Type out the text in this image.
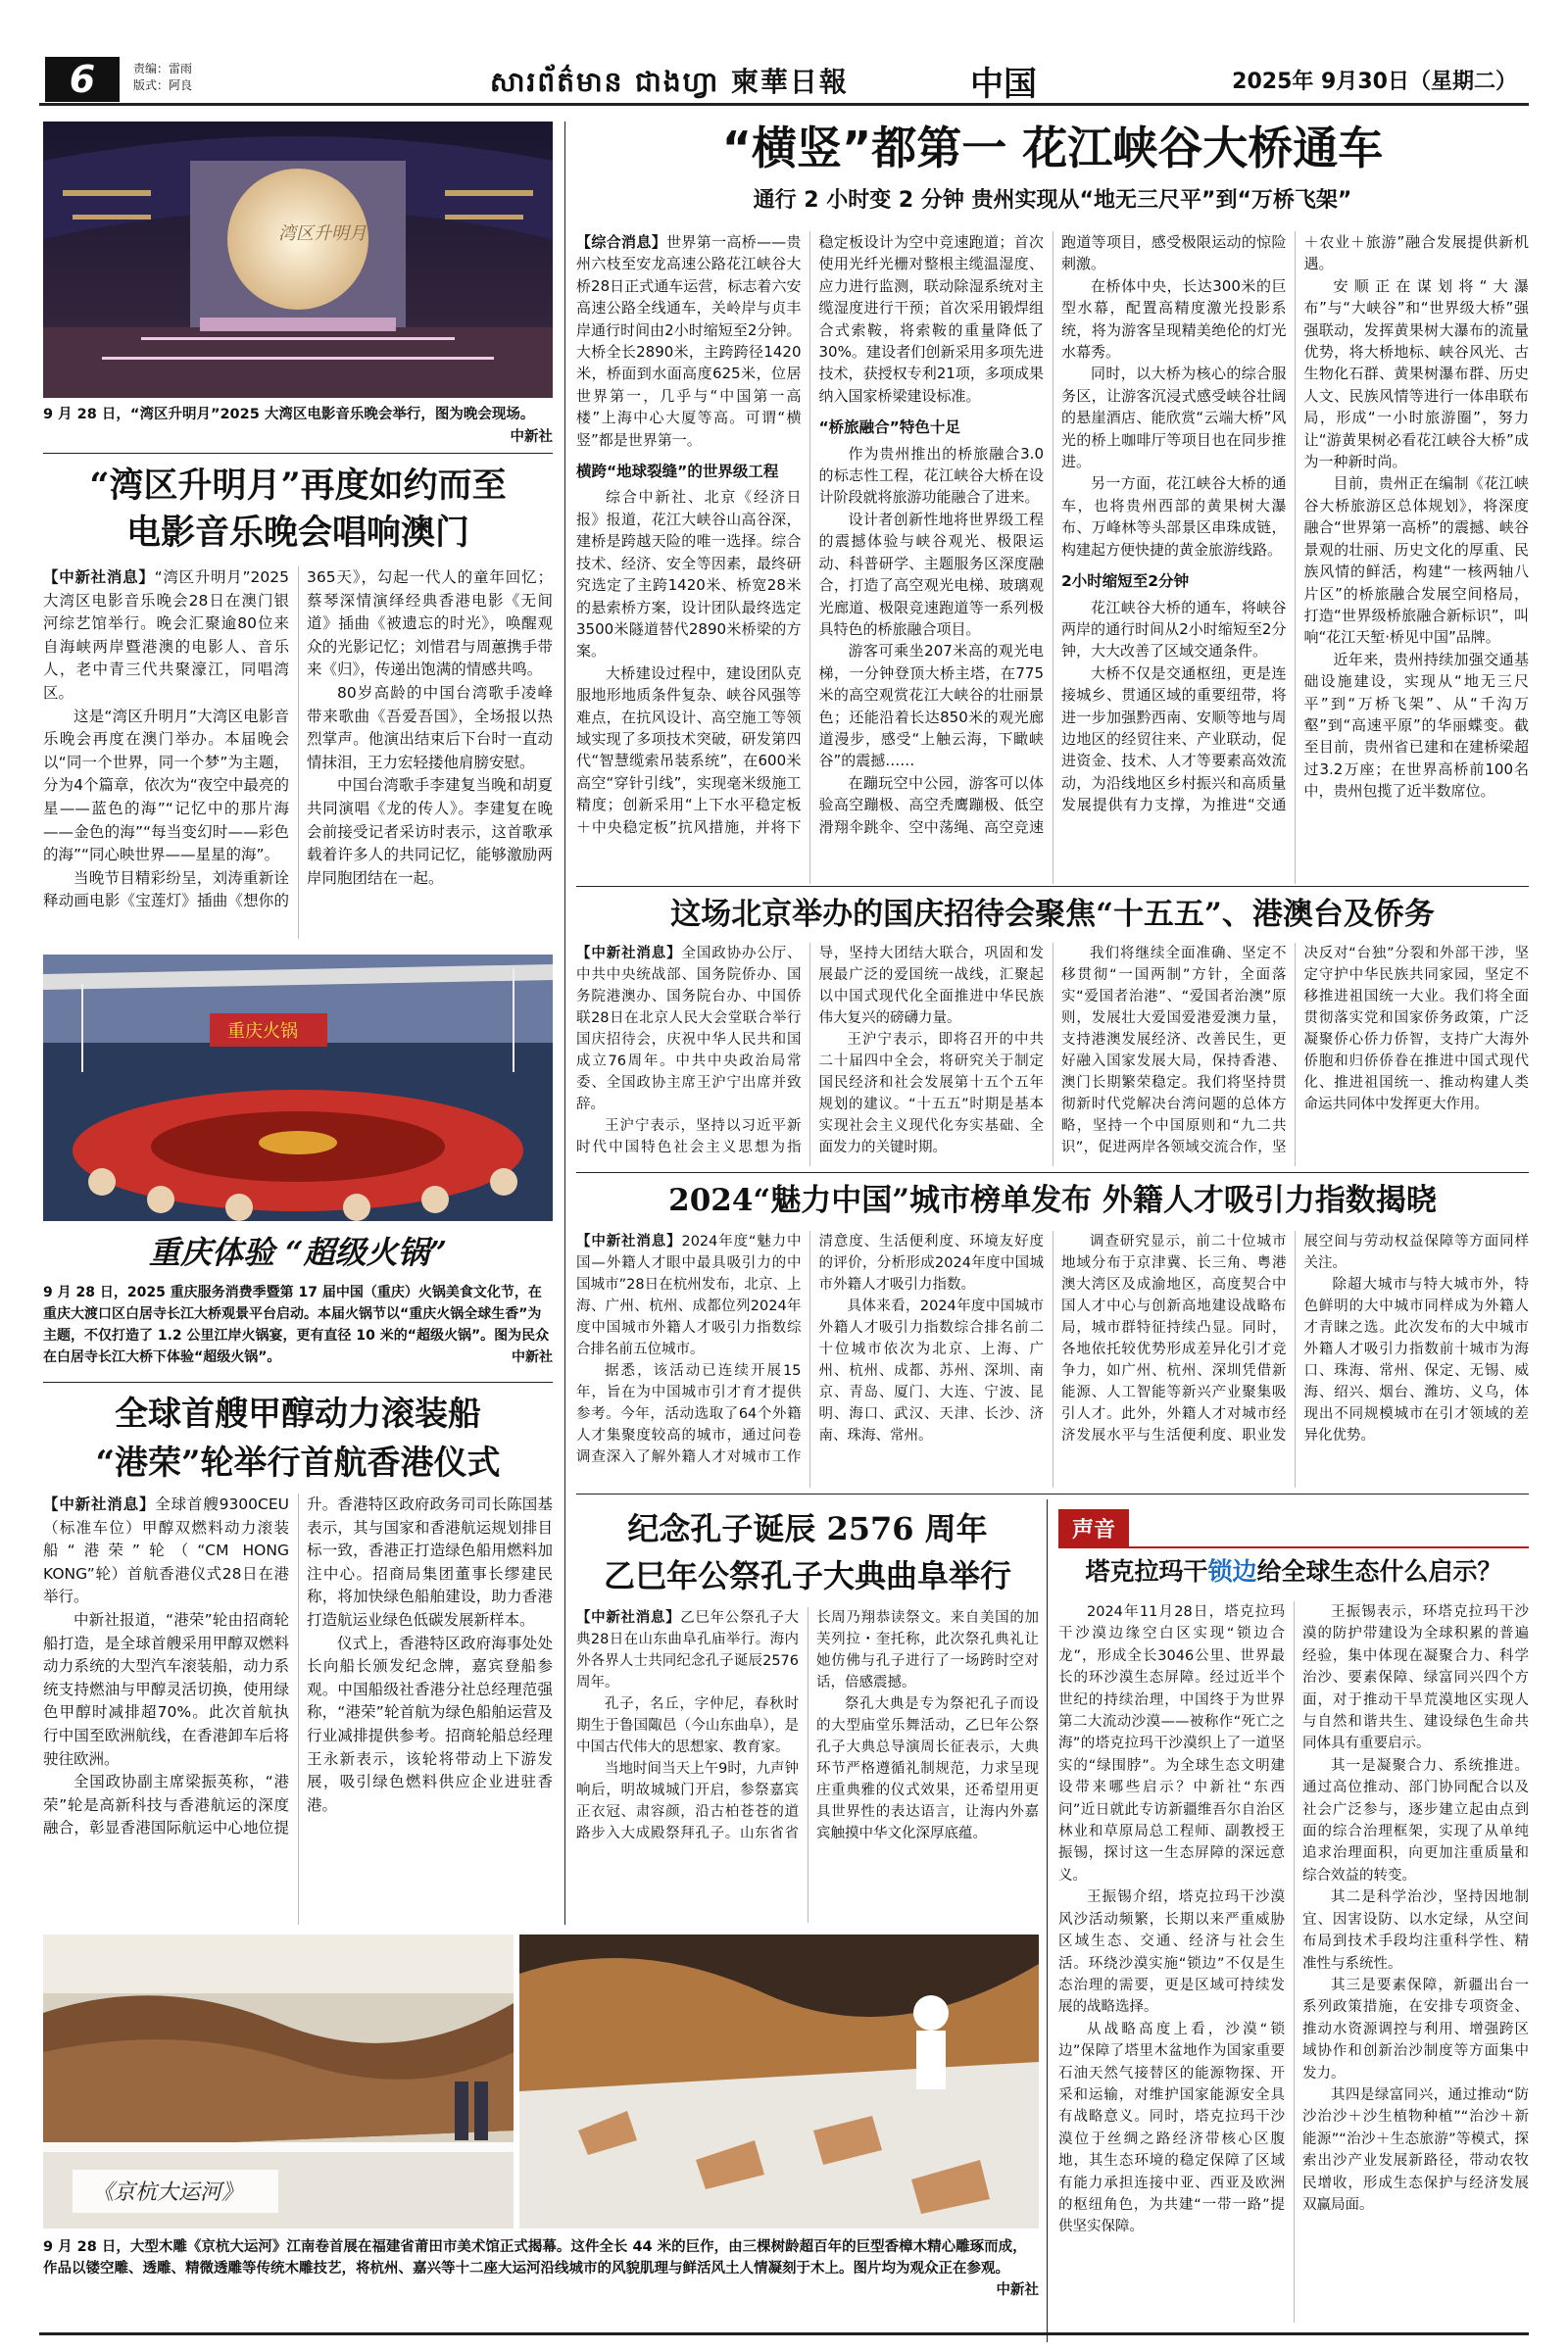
6	责编：雷雨
版式：阿良	សារព័ត៌មាន ជាងហ្វា 柬華日報	中国	2025年 9月30日（星期二）
湾区升明月
9 月 28 日，“湾区升明月”2025 大湾区电影音乐晚会举行，图为晚会现场。
中新社
“湾区升明月”再度如约而至
电影音乐晚会唱响澳门

【中新社消息】“湾区升明月”2025大湾区电影音乐晚会28日在澳门银河综艺馆举行。晚会汇聚逾80位来自海峡两岸暨港澳的电影人、音乐人，老中青三代共聚濠江，同唱湾区。

这是“湾区升明月”大湾区电影音乐晚会再度在澳门举办。本届晚会以“同一个世界，同一个梦”为主题，分为4个篇章，依次为“夜空中最亮的星——蓝色的海”“记忆中的那片海——金色的海”“每当变幻时——彩色的海”“同心映世界——星星的海”。

当晚节目精彩纷呈，刘涛重新诠释动画电影《宝莲灯》插曲《想你的365天》，勾起一代人的童年回忆；蔡琴深情演绎经典香港电影《无间道》插曲《被遗忘的时光》，唤醒观众的光影记忆；刘惜君与周蕙携手带来《归》，传递出饱满的情感共鸣。

80岁高龄的中国台湾歌手凌峰带来歌曲《吾爱吾国》，全场报以热烈掌声。他演出结束后下台时一直动情抹泪，王力宏轻搂他肩膀安慰。

中国台湾歌手李建复当晚和胡夏共同演唱《龙的传人》。李建复在晚会前接受记者采访时表示，这首歌承载着许多人的共同记忆，能够激励两岸同胞团结在一起。

重庆火锅
重庆体验 “超级火锅”
9 月 28 日，2025 重庆服务消费季暨第 17 届中国（重庆）火锅美食文化节，在重庆大渡口区白居寺长江大桥观景平台启动。本届火锅节以“重庆火锅全球生香”为主题，不仅打造了 1.2 公里江岸火锅宴，更有直径 10 米的“超级火锅”。图为民众在白居寺长江大桥下体验“超级火锅”。	中新社
全球首艘甲醇动力滚装船
“港荣”轮举行首航香港仪式

【中新社消息】全球首艘9300CEU（标准车位）甲醇双燃料动力滚装船“港荣”轮（“CM HONG KONG”轮）首航香港仪式28日在港举行。

中新社报道，“港荣”轮由招商轮船打造，是全球首艘采用甲醇双燃料动力系统的大型汽车滚装船，动力系统支持燃油与甲醇灵活切换，使用绿色甲醇时减排超70%。此次首航执行中国至欧洲航线，在香港卸车后将驶往欧洲。

全国政协副主席梁振英称，“港荣”轮是高新科技与香港航运的深度融合，彰显香港国际航运中心地位提升。香港特区政府政务司司长陈国基表示，其与国家和香港航运规划排目标一致，香港正打造绿色船用燃料加注中心。招商局集团董事长缪建民称，将加快绿色船舶建设，助力香港打造航运业绿色低碳发展新样本。

仪式上，香港特区政府海事处处长向船长颁发纪念牌，嘉宾登船参观。中国船级社香港分社总经理范强称，“港荣”轮首航为绿色船舶运营及行业减排提供参考。招商轮船总经理王永新表示，该轮将带动上下游发展，吸引绿色燃料供应企业进驻香港。

“横竖”都第一 花江峡谷大桥通车
通行 2 小时变 2 分钟 贵州实现从“地无三尺平”到“万桥飞架”

【综合消息】世界第一高桥——贵州六枝至安龙高速公路花江峡谷大桥28日正式通车运营，标志着六安高速公路全线通车，关岭岸与贞丰岸通行时间由2小时缩短至2分钟。大桥全长2890米，主跨跨径1420米，桥面到水面高度625米，位居世界第一，几乎与“中国第一高楼”上海中心大厦等高。可谓“横竖”都是世界第一。

横跨“地球裂缝”的世界级工程

综合中新社、北京《经济日报》报道，花江大峡谷山高谷深，建桥是跨越天险的唯一选择。综合技术、经济、安全等因素，最终研究选定了主跨1420米、桥宽28米的悬索桥方案，设计团队最终选定3500米隧道替代2890米桥梁的方案。

大桥建设过程中，建设团队克服地形地质条件复杂、峡谷风强等难点，在抗风设计、高空施工等领域实现了多项技术突破，研发第四代“智慧缆索吊装系统”，在600米高空“穿针引线”，实现毫米级施工精度；创新采用“上下水平稳定板＋中央稳定板”抗风措施，并将下稳定板设计为空中竞速跑道；首次使用光纤光栅对整根主缆温湿度、应力进行监测，联动除湿系统对主缆湿度进行干预；首次采用锻焊组合式索鞍，将索鞍的重量降低了30%。建设者们创新采用多项先进技术，获授权专利21项，多项成果纳入国家桥梁建设标准。

“桥旅融合”特色十足

作为贵州推出的桥旅融合3.0的标志性工程，花江峡谷大桥在设计阶段就将旅游功能融合了进来。

设计者创新性地将世界级工程的震撼体验与峡谷观光、极限运动、科普研学、主题服务区深度融合，打造了高空观光电梯、玻璃观光廊道、极限竞速跑道等一系列极具特色的桥旅融合项目。

游客可乘坐207米高的观光电梯，一分钟登顶大桥主塔，在775米的高空观赏花江大峡谷的壮丽景色；还能沿着长达850米的观光廊道漫步，感受“上触云海，下瞰峡谷”的震撼……

在蹦玩空中公园，游客可以体验高空蹦极、高空秃鹰蹦极、低空滑翔伞跳伞、空中荡绳、高空竞速跑道等项目，感受极限运动的惊险刺激。

在桥体中央，长达300米的巨型水幕，配置高精度激光投影系统，将为游客呈现精美绝伦的灯光水幕秀。

同时，以大桥为核心的综合服务区，让游客沉浸式感受峡谷壮阔的悬崖酒店、能欣赏“云端大桥”风光的桥上咖啡厅等项目也在同步推进。

另一方面，花江峡谷大桥的通车，也将贵州西部的黄果树大瀑布、万峰林等头部景区串珠成链，构建起方便快捷的黄金旅游线路。

2小时缩短至2分钟

花江峡谷大桥的通车，将峡谷两岸的通行时间从2小时缩短至2分钟，大大改善了区域交通条件。

大桥不仅是交通枢纽，更是连接城乡、贯通区域的重要纽带，将进一步加强黔西南、安顺等地与周边地区的经贸往来、产业联动，促进资金、技术、人才等要素高效流动，为沿线地区乡村振兴和高质量发展提供有力支撑，为推进“交通＋农业＋旅游”融合发展提供新机遇。

安顺正在谋划将“大瀑布”与“大峡谷”和“世界级大桥”强强联动，发挥黄果树大瀑布的流量优势，将大桥地标、峡谷风光、古生物化石群、黄果树瀑布群、历史人文、民族风情等进行一体串联布局，形成“一小时旅游圈”，努力让“游黄果树必看花江峡谷大桥”成为一种新时尚。

目前，贵州正在编制《花江峡谷大桥旅游区总体规划》，将深度融合“世界第一高桥”的震撼、峡谷景观的壮丽、历史文化的厚重、民族风情的鲜活，构建“一核两轴八片区”的桥旅融合发展空间格局，打造“世界级桥旅融合新标识”，叫响“花江天堑·桥见中国”品牌。

近年来，贵州持续加强交通基础设施建设，实现从“地无三尺平”到“万桥飞架”、从“千沟万壑”到“高速平原”的华丽蝶变。截至目前，贵州省已建和在建桥梁超过3.2万座；在世界高桥前100名中，贵州包揽了近半数席位。

这场北京举办的国庆招待会聚焦“十五五”、港澳台及侨务

【中新社消息】全国政协办公厅、中共中央统战部、国务院侨办、国务院港澳办、国务院台办、中国侨联28日在北京人民大会堂联合举行国庆招待会，庆祝中华人民共和国成立76周年。中共中央政治局常委、全国政协主席王沪宁出席并致辞。

王沪宁表示，坚持以习近平新时代中国特色社会主义思想为指导，坚持大团结大联合，巩固和发展最广泛的爱国统一战线，汇聚起以中国式现代化全面推进中华民族伟大复兴的磅礴力量。

王沪宁表示，即将召开的中共二十届四中全会，将研究关于制定国民经济和社会发展第十五个五年规划的建议。“十五五”时期是基本实现社会主义现代化夯实基础、全面发力的关键时期。

我们将继续全面准确、坚定不移贯彻“一国两制”方针，全面落实“爱国者治港”、“爱国者治澳”原则，发展壮大爱国爱港爱澳力量，支持港澳发展经济、改善民生，更好融入国家发展大局，保持香港、澳门长期繁荣稳定。我们将坚持贯彻新时代党解决台湾问题的总体方略，坚持一个中国原则和“九二共识”，促进两岸各领域交流合作，坚决反对“台独”分裂和外部干涉，坚定守护中华民族共同家园，坚定不移推进祖国统一大业。我们将全面贯彻落实党和国家侨务政策，广泛凝聚侨心侨力侨智，支持广大海外侨胞和归侨侨眷在推进中国式现代化、推进祖国统一、推动构建人类命运共同体中发挥更大作用。

2024“魅力中国”城市榜单发布 外籍人才吸引力指数揭晓

【中新社消息】2024年度“魅力中国—外籍人才眼中最具吸引力的中国城市”28日在杭州发布，北京、上海、广州、杭州、成都位列2024年度中国城市外籍人才吸引力指数综合排名前五位城市。

据悉，该活动已连续开展15年，旨在为中国城市引才育才提供参考。今年，活动选取了64个外籍人才集聚度较高的城市，通过问卷调查深入了解外籍人才对城市工作清意度、生活便利度、环境友好度的评价，分析形成2024年度中国城市外籍人才吸引力指数。

具体来看，2024年度中国城市外籍人才吸引力指数综合排名前二十位城市依次为北京、上海、广州、杭州、成都、苏州、深圳、南京、青岛、厦门、大连、宁波、昆明、海口、武汉、天津、长沙、济南、珠海、常州。

调查研究显示，前二十位城市地域分布于京津冀、长三角、粤港澳大湾区及成渝地区，高度契合中国人才中心与创新高地建设战略布局，城市群特征持续凸显。同时，各地依托较优势形成差异化引才竞争力，如广州、杭州、深圳凭借新能源、人工智能等新兴产业聚集吸引人才。此外，外籍人才对城市经济发展水平与生活便利度、职业发展空间与劳动权益保障等方面同样关注。

除超大城市与特大城市外，特色鲜明的大中城市同样成为外籍人才青睐之选。此次发布的大中城市外籍人才吸引力指数前十城市为海口、珠海、常州、保定、无锡、威海、绍兴、烟台、潍坊、义乌，体现出不同规模城市在引才领域的差异化优势。

纪念孔子诞辰 2576 周年
乙巳年公祭孔子大典曲阜举行

【中新社消息】乙巳年公祭孔子大典28日在山东曲阜孔庙举行。海内外各界人士共同纪念孔子诞辰2576周年。

孔子，名丘，字仲尼，春秋时期生于鲁国陬邑（今山东曲阜），是中国古代伟大的思想家、教育家。

当地时间当天上午9时，九声钟响后，明故城城门开启，参祭嘉宾正衣冠、肃容颜，沿古柏苍苍的道路步入大成殿祭拜孔子。山东省省长周乃翔恭读祭文。来自美国的加芙列拉・奎托称，此次祭孔典礼让她仿佛与孔子进行了一场跨时空对话，倍感震撼。

祭孔大典是专为祭祀孔子而设的大型庙堂乐舞活动，乙巳年公祭孔子大典总导演周长征表示，大典环节严格遵循礼制规范，力求呈现庄重典雅的仪式效果，还希望用更具世界性的表达语言，让海内外嘉宾触摸中华文化深厚底蕴。

声音
塔克拉玛干锁边给全球生态什么启示？

2024年11月28日，塔克拉玛干沙漠边缘空白区实现“锁边合龙”，形成全长3046公里、世界最长的环沙漠生态屏障。经过近半个世纪的持续治理，中国终于为世界第二大流动沙漠——被称作“死亡之海”的塔克拉玛干沙漠织上了一道坚实的“绿围脖”。为全球生态文明建设带来哪些启示？中新社“东西问”近日就此专访新疆维吾尔自治区林业和草原局总工程师、副教授王振锡，探讨这一生态屏障的深远意义。

王振锡介绍，塔克拉玛干沙漠风沙活动频繁，长期以来严重威胁区域生态、交通、经济与社会生活。环绕沙漠实施“锁边”不仅是生态治理的需要，更是区域可持续发展的战略选择。

从战略高度上看，沙漠“锁边”保障了塔里木盆地作为国家重要石油天然气接替区的能源物探、开采和运输，对维护国家能源安全具有战略意义。同时，塔克拉玛干沙漠位于丝绸之路经济带核心区腹地，其生态环境的稳定保障了区域有能力承担连接中亚、西亚及欧洲的枢纽角色，为共建“一带一路”提供坚实保障。

王振锡表示，环塔克拉玛干沙漠的防护带建设为全球积累的普遍经验，集中体现在凝聚合力、科学治沙、要素保障、绿富同兴四个方面，对于推动干旱荒漠地区实现人与自然和谐共生、建设绿色生命共同体具有重要启示。

其一是凝聚合力、系统推进。通过高位推动、部门协同配合以及社会广泛参与，逐步建立起由点到面的综合治理框架，实现了从单纯追求治理面积，向更加注重质量和综合效益的转变。

其二是科学治沙，坚持因地制宜、因害设防、以水定绿，从空间布局到技术手段均注重科学性、精准性与系统性。

其三是要素保障，新疆出台一系列政策措施，在安排专项资金、推动水资源调控与利用、增强跨区域协作和创新治沙制度等方面集中发力。

其四是绿富同兴，通过推动“防沙治沙＋沙生植物种植”“治沙＋新能源”“治沙＋生态旅游”等模式，探索出沙产业发展新路径，带动农牧民增收，形成生态保护与经济发展双赢局面。

《京杭大运河》
9 月 28 日，大型木雕《京杭大运河》江南卷首展在福建省莆田市美术馆正式揭幕。这件全长 44 米的巨作，由三棵树龄超百年的巨型香樟木精心雕琢而成，作品以镂空雕、透雕、精微透雕等传统木雕技艺，将杭州、嘉兴等十二座大运河沿线城市的风貌肌理与鲜活风土人情凝刻于木上。图片均为观众正在参观。
中新社
